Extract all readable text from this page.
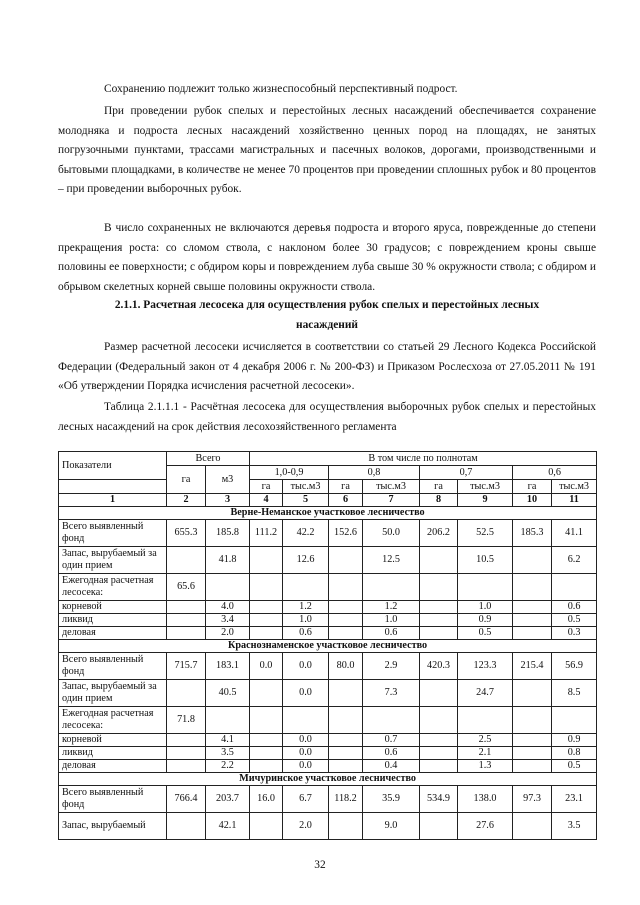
Сохранению подлежит только жизнеспособный перспективный подрост.

При проведении рубок спелых и перестойных лесных насаждений обеспечивается сохранение молодняка и подроста лесных насаждений хозяйственно ценных пород на площадях, не занятых погрузочными пунктами, трассами магистральных и пасечных волоков, дорогами, производственными и бытовыми площадками, в количестве не менее 70 процентов при проведении сплошных рубок и 80 процентов – при проведении выборочных рубок.

В число сохраненных не включаются деревья подроста и второго яруса, поврежденные до степени прекращения роста: со сломом ствола, с наклоном более 30 градусов; с повреждением кроны свыше половины ее поверхности; с обдиром коры и повреждением луба свыше 30 % окружности ствола; с обдиром и обрывом скелетных корней свыше половины окружности ствола.

2.1.1. Расчетная лесосека для осуществления рубок спелых и перестойных лесных насаждений

Размер расчетной лесосеки исчисляется в соответствии со статьей 29 Лесного Кодекса Российской Федерации (Федеральный закон от 4 декабря 2006 г. № 200-ФЗ) и Приказом Рослесхоза от 27.05.2011 № 191 «Об утверждении Порядка исчисления расчетной лесосеки».

Таблица 2.1.1.1 - Расчётная лесосека для осуществления выборочных рубок спелых и перестойных лесных насаждений на срок действия лесохозяйственного регламента

Показатели	Всего		В том числе по полнотам							
	га	м3	1,0-0,9		0,8		0,7		0,6	
			га	тыс.м3	га	тыс.м3	га	тыс.м3	га	тыс.м3
1	2	3	4	5	6	7	8	9	10	11
Верне-Неманское участковое лесничество										
Всего выявленный фонд	655.3	185.8	111.2	42.2	152.6	50.0	206.2	52.5	185.3	41.1
Запас, вырубаемый за один прием		41.8		12.6		12.5		10.5		6.2
Ежегодная расчетная лесосека:	65.6									
корневой		4.0		1.2		1.2		1.0		0.6
ликвид		3.4		1.0		1.0		0.9		0.5
деловая		2.0		0.6		0.6		0.5		0.3
Краснознаменское участковое лесничество										
Всего выявленный фонд	715.7	183.1	0.0	0.0	80.0	2.9	420.3	123.3	215.4	56.9
Запас, вырубаемый за один прием		40.5		0.0		7.3		24.7		8.5
Ежегодная расчетная лесосека:	71.8									
корневой		4.1		0.0		0.7		2.5		0.9
ликвид		3.5		0.0		0.6		2.1		0.8
деловая		2.2		0.0		0.4		1.3		0.5
Мичуринское участковое лесничество										
Всего выявленный фонд	766.4	203.7	16.0	6.7	118.2	35.9	534.9	138.0	97.3	23.1
Запас, вырубаемый		42.1		2.0		9.0		27.6		3.5
32
